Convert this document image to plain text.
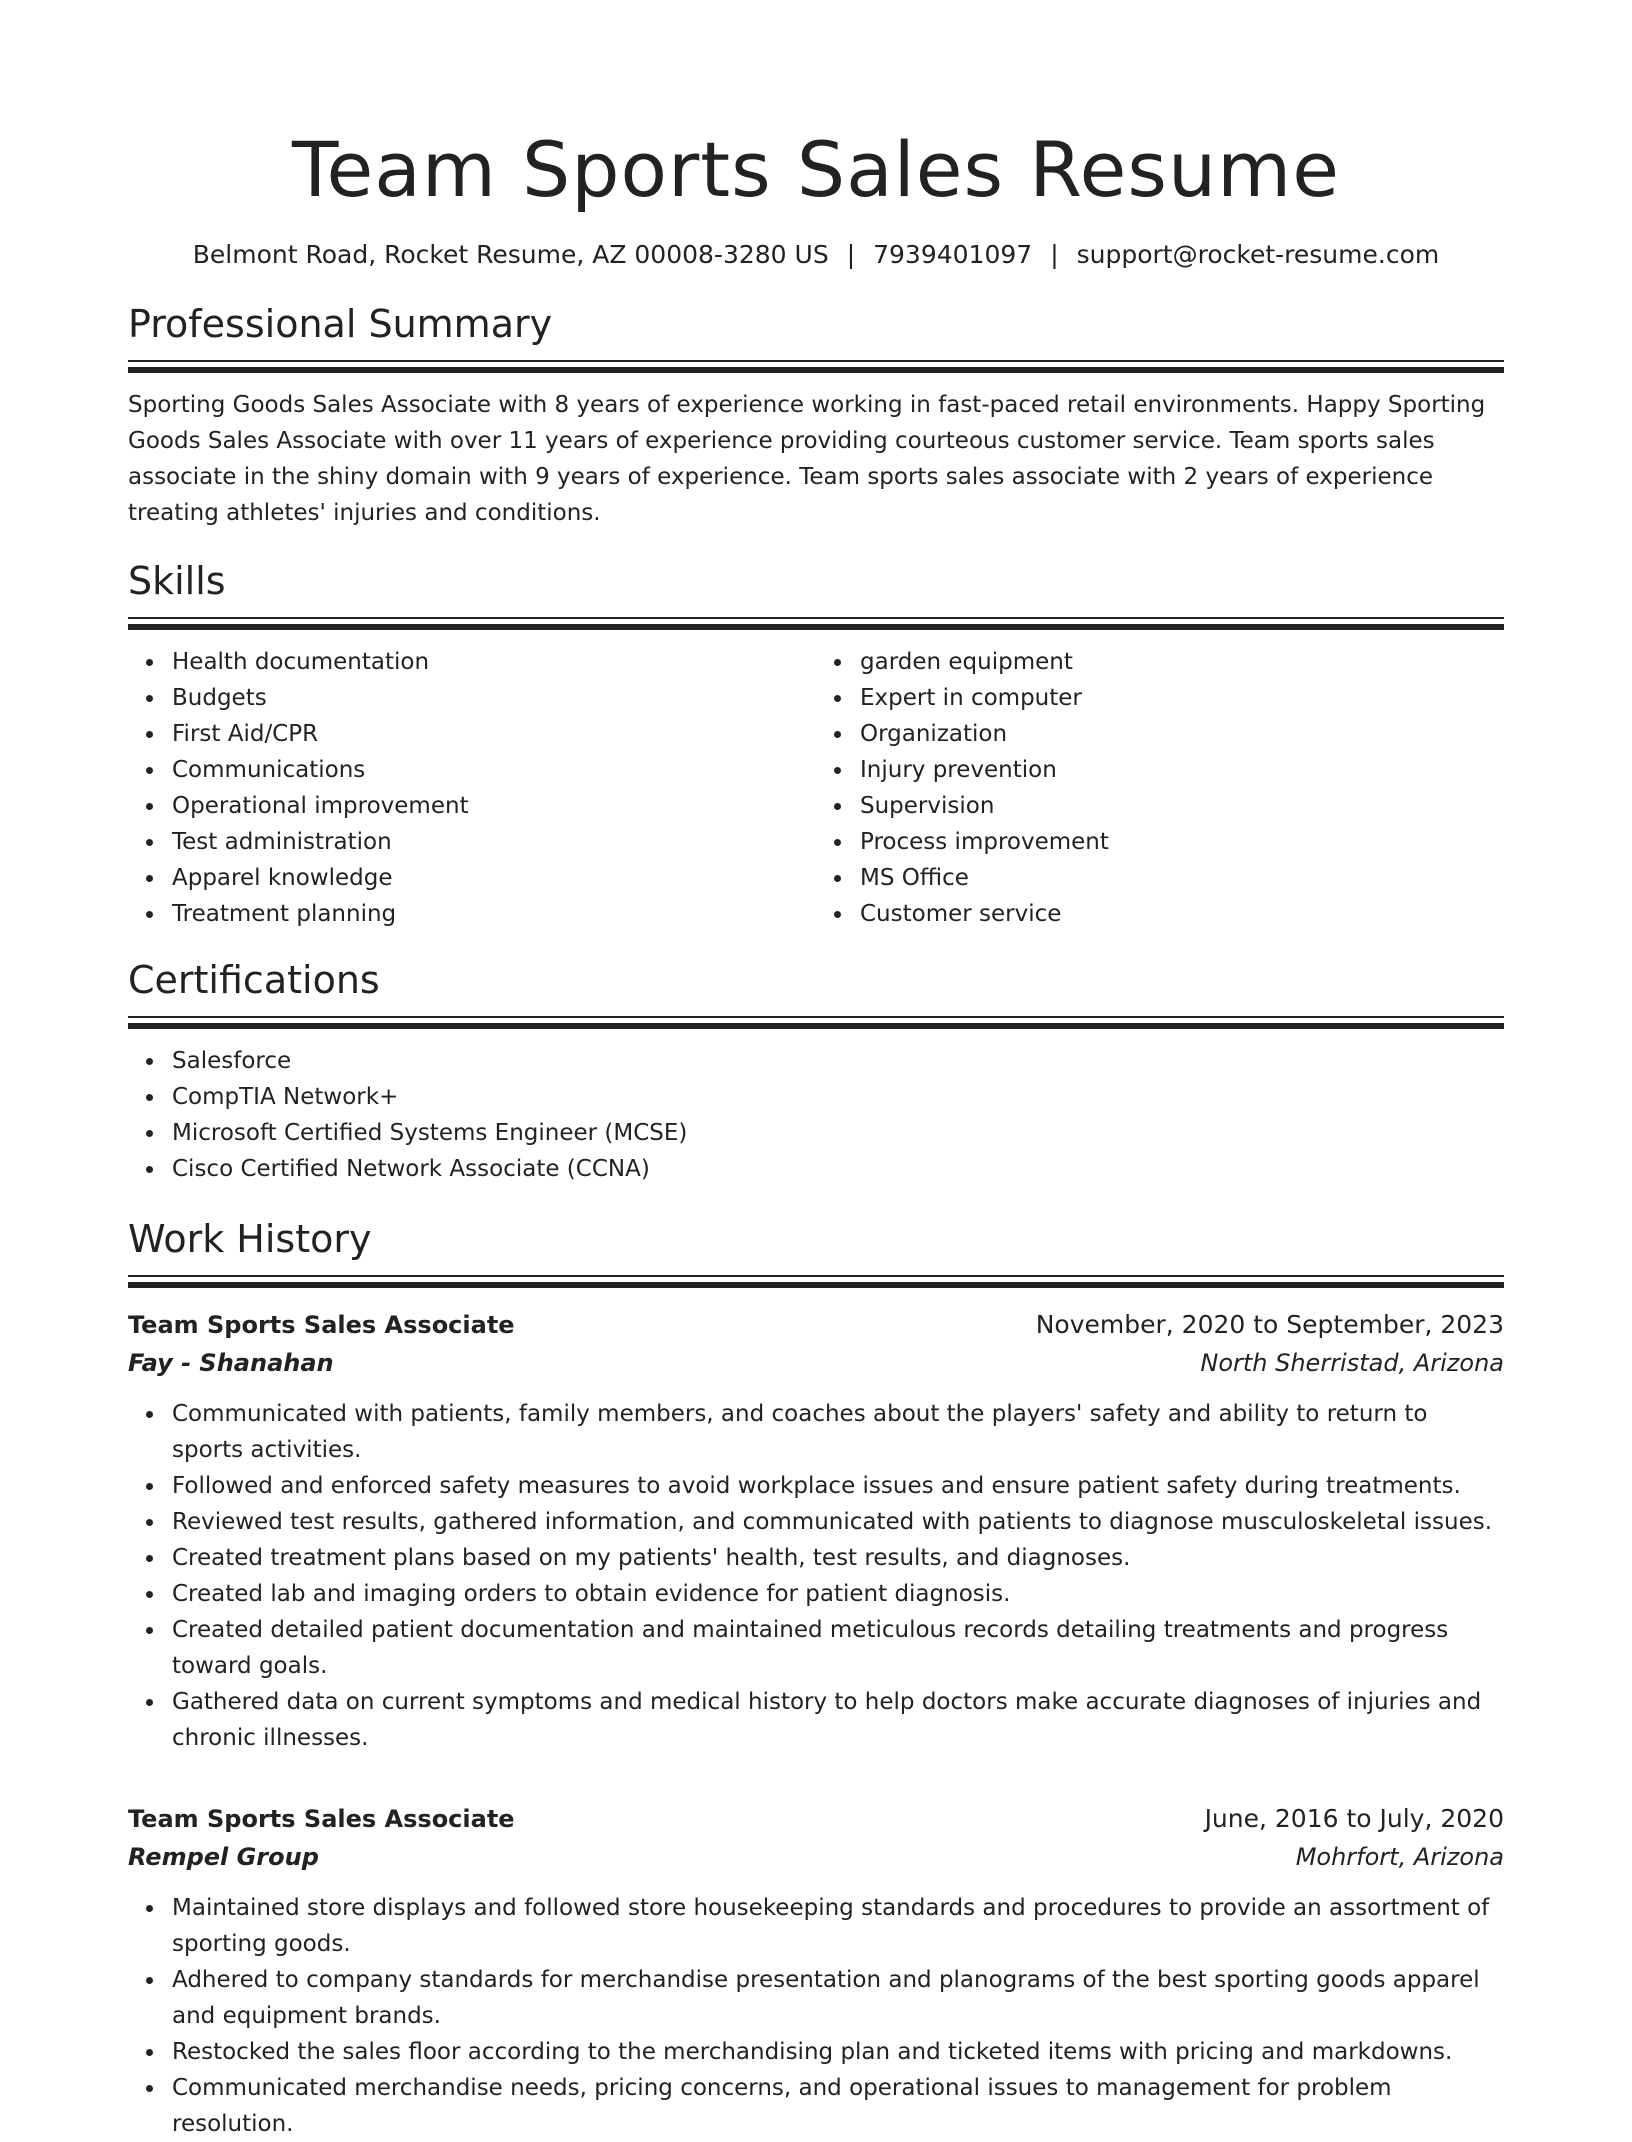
Team Sports Sales Resume
Belmont Road, Rocket Resume, AZ 00008-3280 US | 7939401097 | support@rocket-resume.com
Professional Summary

Sporting Goods Sales Associate with 8 years of experience working in fast-paced retail environments. Happy Sporting Goods Sales Associate with over 11 years of experience providing courteous customer service. Team sports sales associate in the shiny domain with 9 years of experience. Team sports sales associate with 2 years of experience treating athletes' injuries and conditions.

Skills
Health documentation
Budgets
First Aid/CPR
Communications
Operational improvement
Test administration
Apparel knowledge
Treatment planning
garden equipment
Expert in computer
Organization
Injury prevention
Supervision
Process improvement
MS Office
Customer service
Certifications
Salesforce
CompTIA Network+
Microsoft Certified Systems Engineer (MCSE)
Cisco Certified Network Associate (CCNA)
Work History
Team Sports Sales Associate	November, 2020 to September, 2023
Fay - Shanahan	North Sherristad, Arizona
Communicated with patients, family members, and coaches about the players' safety and ability to return to sports activities.
Followed and enforced safety measures to avoid workplace issues and ensure patient safety during treatments.
Reviewed test results, gathered information, and communicated with patients to diagnose musculoskeletal issues.
Created treatment plans based on my patients' health, test results, and diagnoses.
Created lab and imaging orders to obtain evidence for patient diagnosis.
Created detailed patient documentation and maintained meticulous records detailing treatments and progress toward goals.
Gathered data on current symptoms and medical history to help doctors make accurate diagnoses of injuries and chronic illnesses.
Team Sports Sales Associate	June, 2016 to July, 2020
Rempel Group	Mohrfort, Arizona
Maintained store displays and followed store housekeeping standards and procedures to provide an assortment of sporting goods.
Adhered to company standards for merchandise presentation and planograms of the best sporting goods apparel and equipment brands.
Restocked the sales floor according to the merchandising plan and ticketed items with pricing and markdowns.
Communicated merchandise needs, pricing concerns, and operational issues to management for problem resolution.
